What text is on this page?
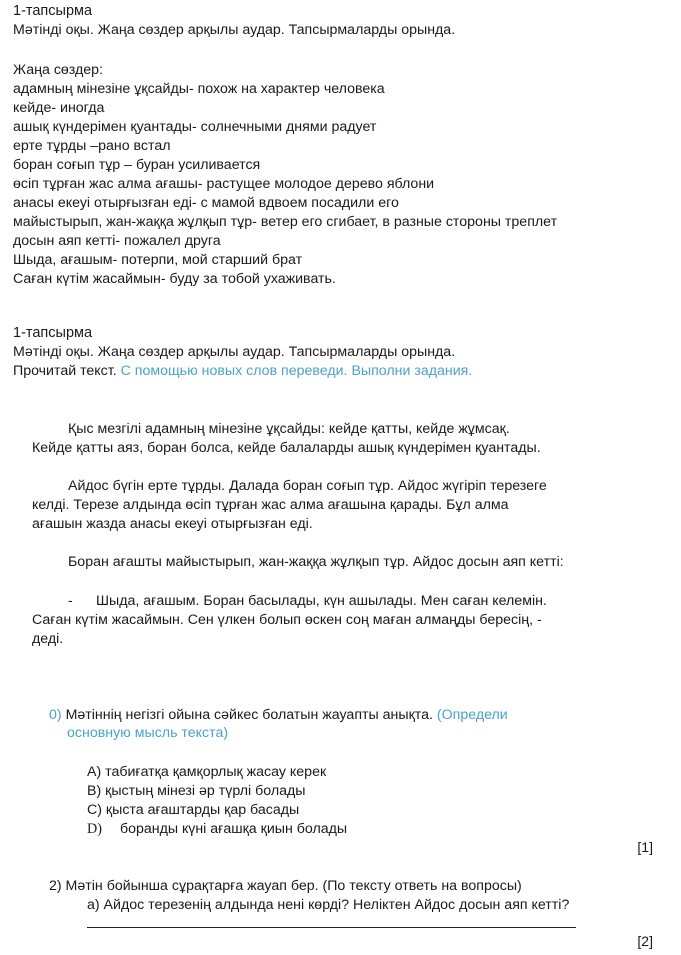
1-тапсырма
Мәтінді оқы. Жаңа сөздер арқылы аудар. Тапсырмаларды орында.
Жаңа сөздер:
адамның мінезіне ұқсайды- похож на характер человека
кейде- иногда
ашық күндерімен қуантады- солнечными днями радует
ерте тұрды –рано встал
боран соғып тұр – буран усиливается
өсіп тұрған жас алма ағашы- растущее молодое дерево яблони
анасы екеуі отырғызған еді- с мамой вдвоем посадили его
майыстырып, жан-жаққа жұлқып тұр- ветер его сгибает, в разные стороны треплет
досын аяп кетті- пожалел друга
Шыда, ағашым- потерпи, мой старший брат
Саған күтім жасаймын- буду за тобой ухаживать.
1-тапсырма
Мәтінді оқы. Жаңа сөздер арқылы аудар. Тапсырмаларды орында.
Прочитай текст. С помощью новых слов переведи. Выполни задания.
Қыс мезгілі адамның мінезіне ұқсайды: кейде қатты, кейде жұмсақ.
Кейде қатты аяз, боран болса, кейде балаларды ашық күндерімен қуантады.
Айдос бүгін ерте тұрды. Далада боран соғып тұр. Айдос жүгіріп терезеге
келді. Терезе алдында өсіп тұрған жас алма ағашына қарады. Бұл алма
ағашын жазда анасы екеуі отырғызған еді.
Боран ағашты майыстырып, жан-жаққа жұлқып тұр. Айдос досын аяп кетті:
- Шыда, ағашым. Боран басылады, күн ашылады. Мен саған келемін.
Саған күтім жасаймын. Сен үлкен болып өскен соң маған алмаңды бересің, -
деді.
0) Мәтіннің негізгі ойына сәйкес болатын жауапты анықта. (Определи
основную мысль текста)
A) табиғатқа қамқорлық жасау керек
B) қыстың мінезі әр түрлі болады
C) қыста ағаштарды қар басады
D) боранды күні ағашқа қиын болады
[1]
2) Мәтін бойынша сұрақтарға жауап бер. (По тексту ответь на вопросы)
a) Айдос терезенің алдында нені көрді? Неліктен Айдос досын аяп кетті?
[2]
